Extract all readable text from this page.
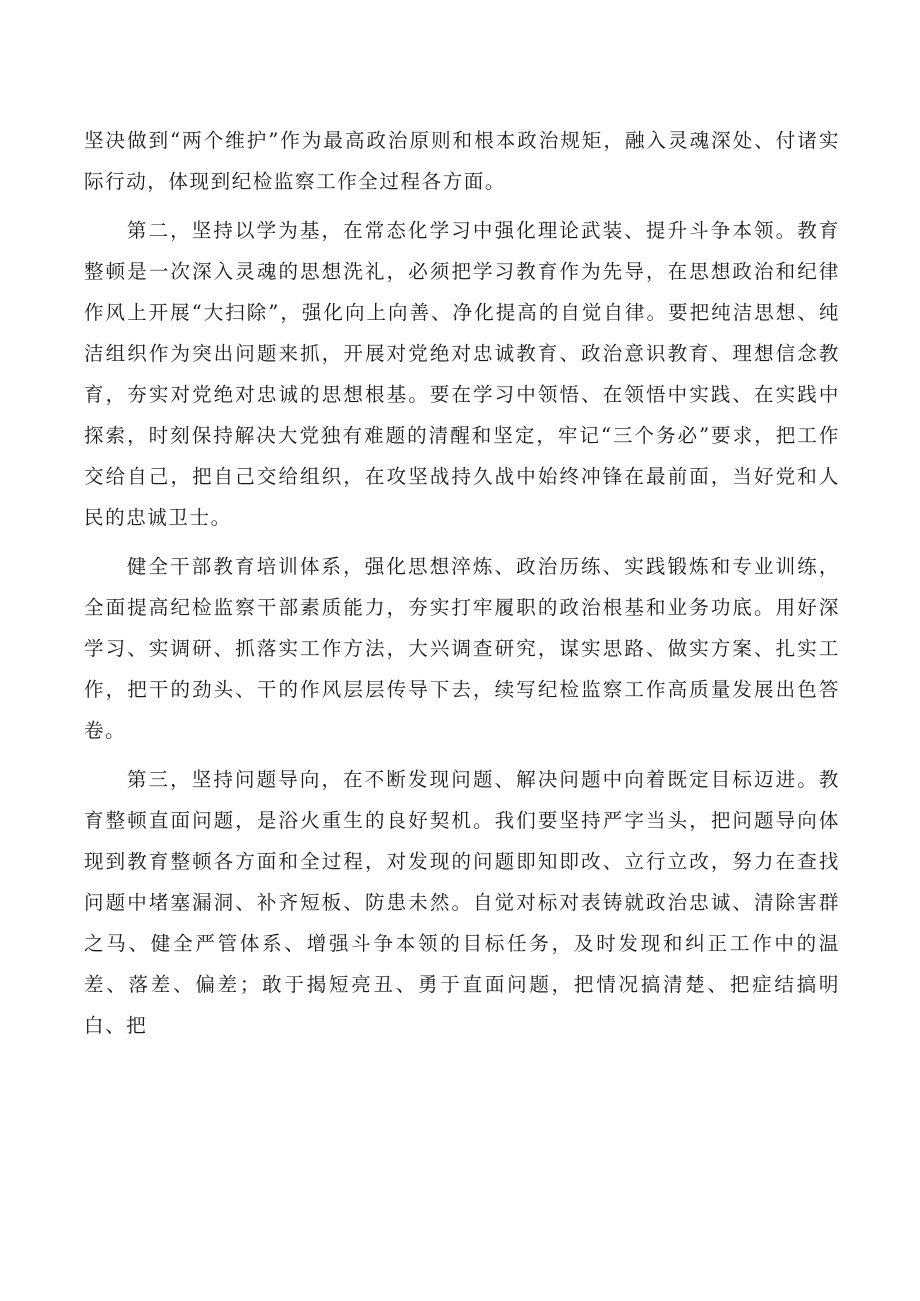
坚决做到“两个维护”作为最高政治原则和根本政治规矩，融入灵魂深处、付诸实际行动，体现到纪检监察工作全过程各方面。

第二，坚持以学为基，在常态化学习中强化理论武装、提升斗争本领。教育整顿是一次深入灵魂的思想洗礼，必须把学习教育作为先导，在思想政治和纪律作风上开展“大扫除”，强化向上向善、净化提高的自觉自律。要把纯洁思想、纯洁组织作为突出问题来抓，开展对党绝对忠诚教育、政治意识教育、理想信念教育，夯实对党绝对忠诚的思想根基。要在学习中领悟、在领悟中实践、在实践中探索，时刻保持解决大党独有难题的清醒和坚定，牢记“三个务必”要求，把工作交给自己，把自己交给组织，在攻坚战持久战中始终冲锋在最前面，当好党和人民的忠诚卫士。

健全干部教育培训体系，强化思想淬炼、政治历练、实践锻炼和专业训练，全面提高纪检监察干部素质能力，夯实打牢履职的政治根基和业务功底。用好深学习、实调研、抓落实工作方法，大兴调查研究，谋实思路、做实方案、扎实工作，把干的劲头、干的作风层层传导下去，续写纪检监察工作高质量发展出色答卷。

第三，坚持问题导向，在不断发现问题、解决问题中向着既定目标迈进。教育整顿直面问题，是浴火重生的良好契机。我们要坚持严字当头，把问题导向体现到教育整顿各方面和全过程，对发现的问题即知即改、立行立改，努力在查找问题中堵塞漏洞、补齐短板、防患未然。自觉对标对表铸就政治忠诚、清除害群之马、健全严管体系、增强斗争本领的目标任务，及时发现和纠正工作中的温差、落差、偏差；敢于揭短亮丑、勇于直面问题，把情况搞清楚、把症结搞明白、把
